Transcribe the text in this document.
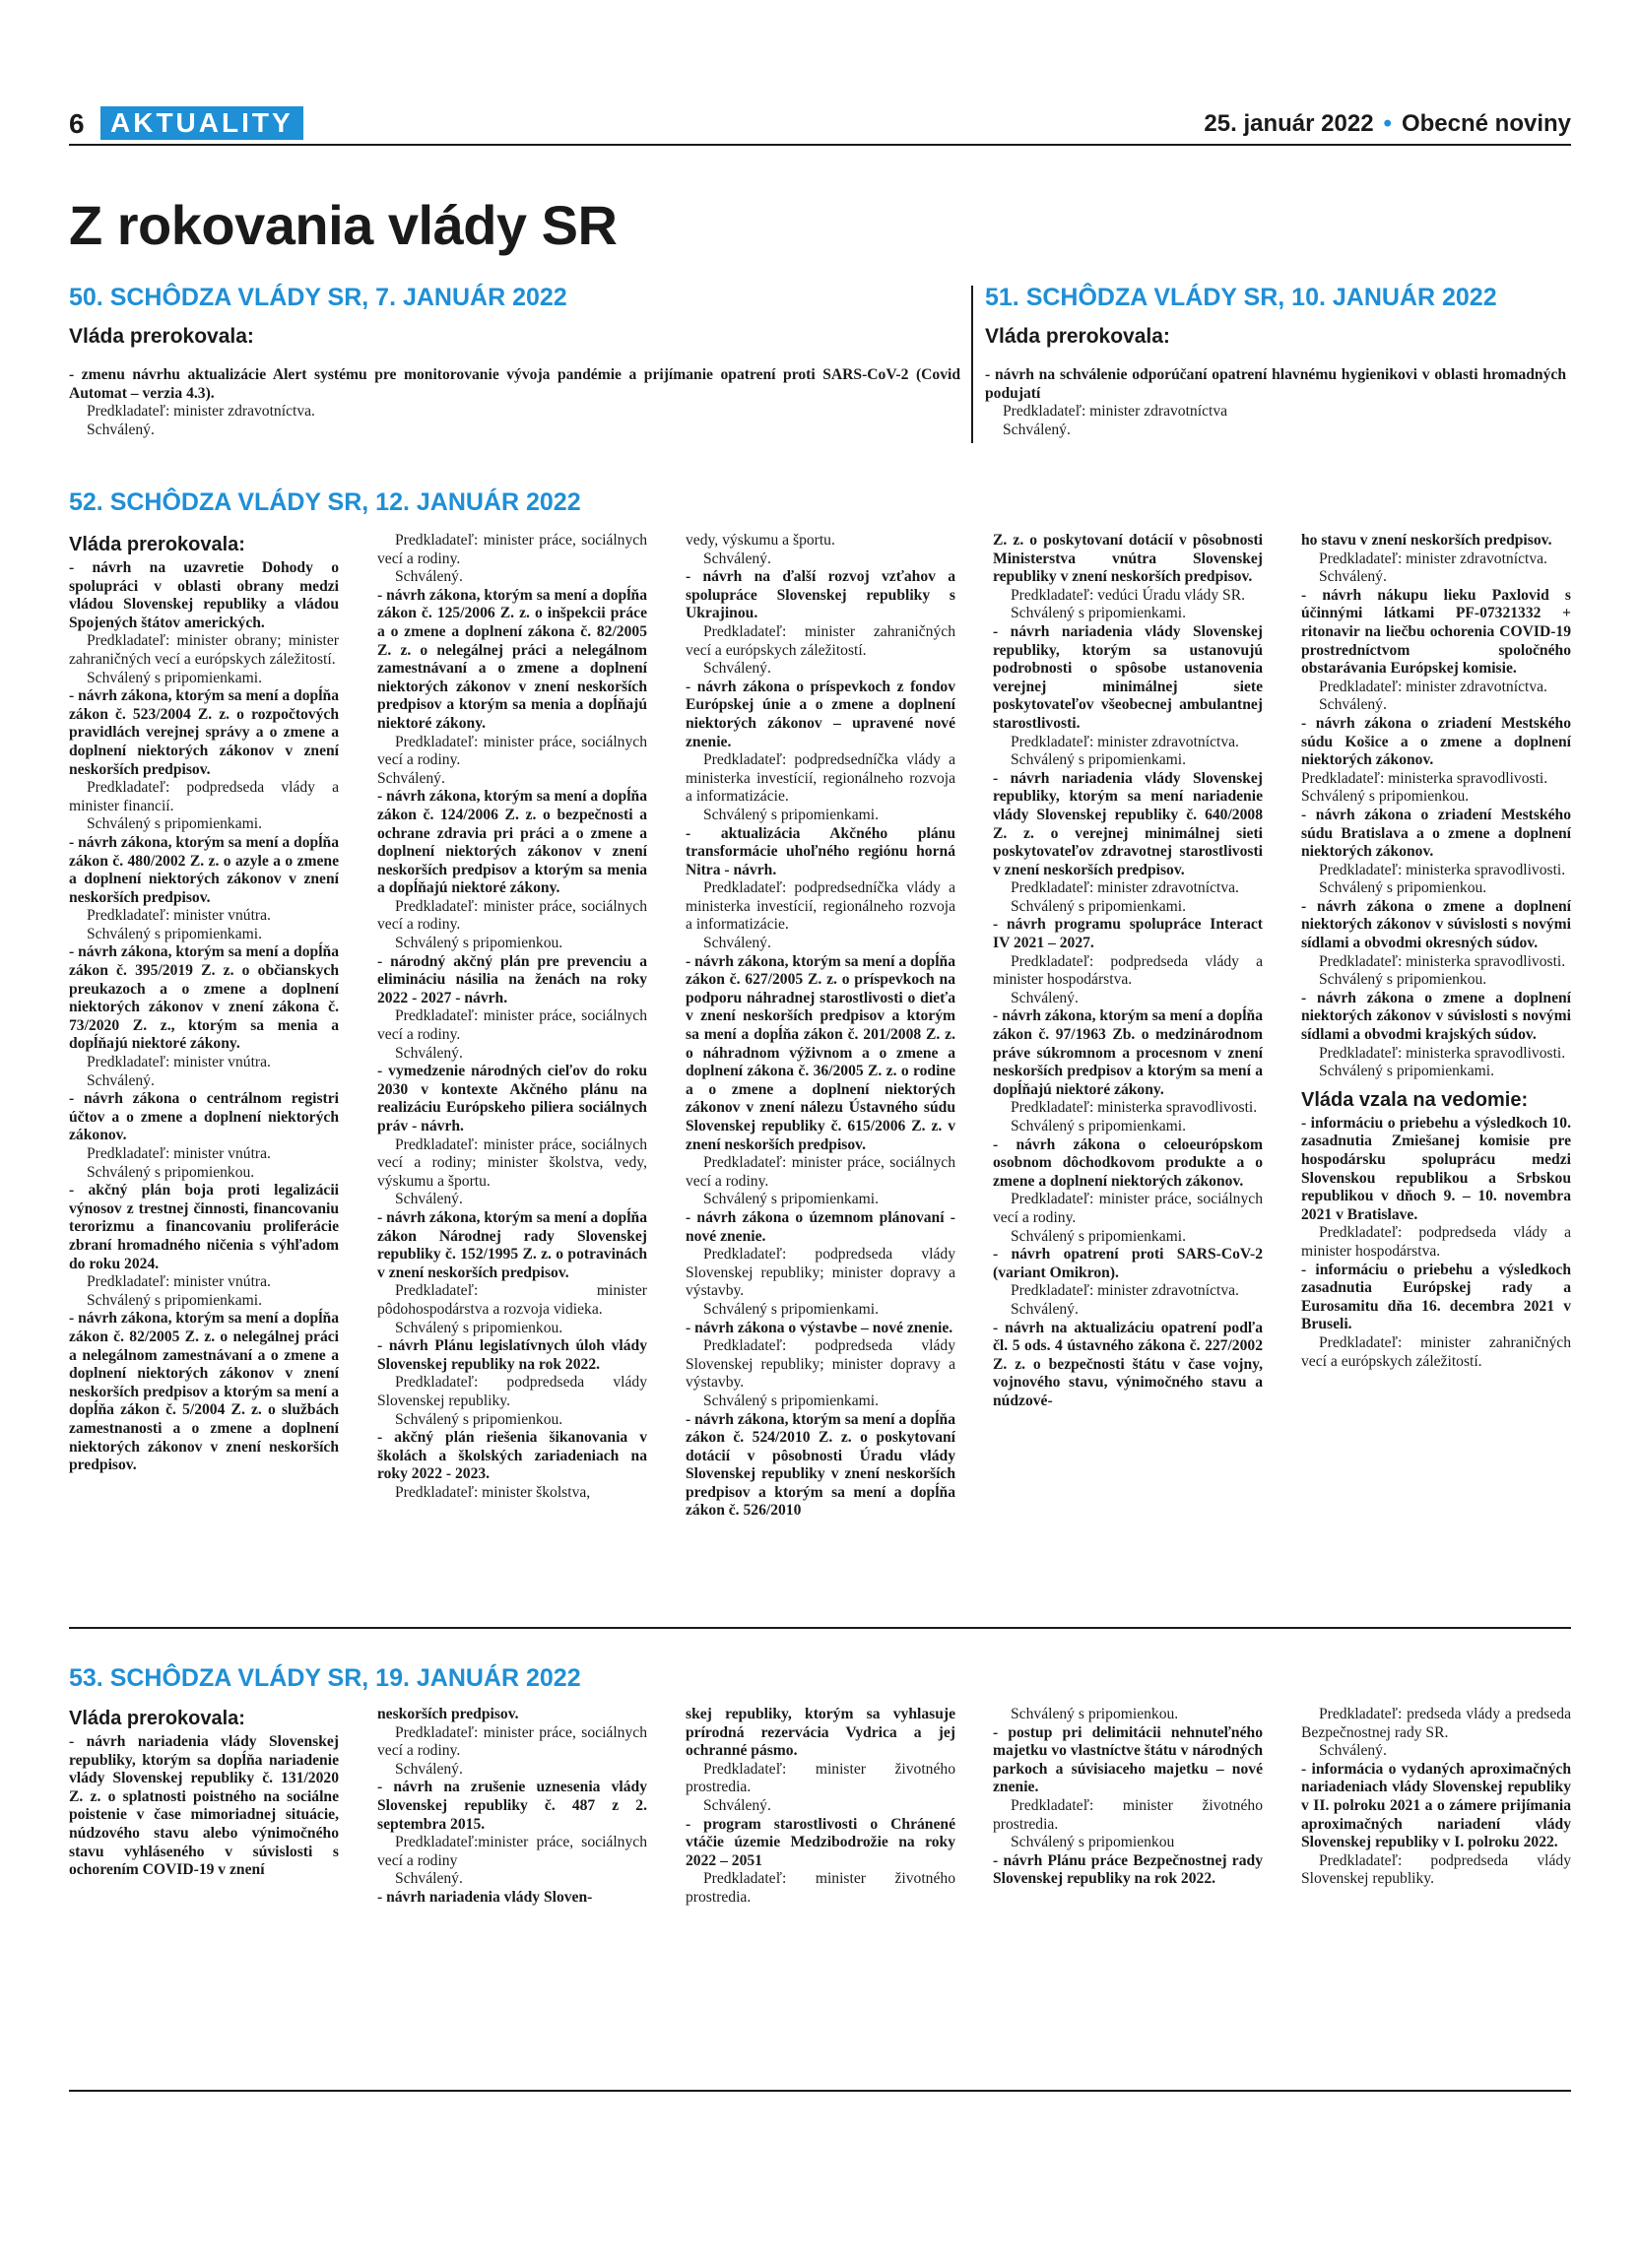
6 AKTUALITY	25. január 2022 • Obecné noviny
Z rokovania vlády SR
50. SCHÔDZA VLÁDY SR, 7. JANUÁR 2022
Vláda prerokovala:

- zmenu návrhu aktualizácie Alert systému pre monitorovanie vývoja pandémie a prijímanie opatrení proti SARS-CoV-2 (Covid Automat – verzia 4.3).

Predkladateľ: minister zdravotníctva.

Schválený.

51. SCHÔDZA VLÁDY SR, 10. JANUÁR 2022
Vláda prerokovala:

- návrh na schválenie odporúčaní opatrení hlavnému hygienikovi v oblasti hromadných podujatí

Predkladateľ: minister zdravotníctva

Schválený.

52. SCHÔDZA VLÁDY SR, 12. JANUÁR 2022

Vláda prerokovala:

- návrh na uzavretie Dohody o spolupráci v oblasti obrany medzi vládou Slovenskej republiky a vládou Spojených štátov amerických.

Predkladateľ: minister obrany; minister zahraničných vecí a európskych záležitostí.

Schválený s pripomienkami.

- návrh zákona, ktorým sa mení a dopĺňa zákon č. 523/2004 Z. z. o rozpočtových pravidlách verejnej správy a o zmene a doplnení niektorých zákonov v znení neskorších predpisov.

Predkladateľ: podpredseda vlády a minister financií.

Schválený s pripomienkami.

- návrh zákona, ktorým sa mení a dopĺňa zákon č. 480/2002 Z. z. o azyle a o zmene a doplnení niektorých zákonov v znení neskorších predpisov.

Predkladateľ: minister vnútra.

Schválený s pripomienkami.

- návrh zákona, ktorým sa mení a dopĺňa zákon č. 395/2019 Z. z. o občianskych preukazoch a o zmene a doplnení niektorých zákonov v znení zákona č. 73/2020 Z. z., ktorým sa menia a dopĺňajú niektoré zákony.

Predkladateľ: minister vnútra.

Schválený.

- návrh zákona o centrálnom registri účtov a o zmene a doplnení niektorých zákonov.

Predkladateľ: minister vnútra.

Schválený s pripomienkou.

- akčný plán boja proti legalizácii výnosov z trestnej činnosti, financovaniu terorizmu a financovaniu proliferácie zbraní hromadného ničenia s výhľadom do roku 2024.

Predkladateľ: minister vnútra.

Schválený s pripomienkami.

- návrh zákona, ktorým sa mení a dopĺňa zákon č. 82/2005 Z. z. o nelegálnej práci a nelegálnom zamestnávaní a o zmene a doplnení niektorých zákonov v znení neskorších predpisov a ktorým sa mení a dopĺňa zákon č. 5/2004 Z. z. o službách zamestnanosti a o zmene a doplnení niektorých zákonov v znení neskorších predpisov.

Predkladateľ: minister práce, sociálnych vecí a rodiny.

Schválený.

- návrh zákona, ktorým sa mení a dopĺňa zákon č. 125/2006 Z. z. o inšpekcii práce a o zmene a doplnení zákona č. 82/2005 Z. z. o nelegálnej práci a nelegálnom zamestnávaní a o zmene a doplnení niektorých zákonov v znení neskorších predpisov a ktorým sa menia a dopĺňajú niektoré zákony.

Predkladateľ: minister práce, sociálnych vecí a rodiny.

Schválený.

- návrh zákona, ktorým sa mení a dopĺňa zákon č. 124/2006 Z. z. o bezpečnosti a ochrane zdravia pri práci a o zmene a doplnení niektorých zákonov v znení neskorších predpisov a ktorým sa menia a dopĺňajú niektoré zákony.

Predkladateľ: minister práce, sociálnych vecí a rodiny.

Schválený s pripomienkou.

- národný akčný plán pre prevenciu a elimináciu násilia na ženách na roky 2022 - 2027 - návrh.

Predkladateľ: minister práce, sociálnych vecí a rodiny.

Schválený.

- vymedzenie národných cieľov do roku 2030 v kontexte Akčného plánu na realizáciu Európskeho piliera sociálnych práv - návrh.

Predkladateľ: minister práce, sociálnych vecí a rodiny; minister školstva, vedy, výskumu a športu.

Schválený.

- návrh zákona, ktorým sa mení a dopĺňa zákon Národnej rady Slovenskej republiky č. 152/1995 Z. z. o potravinách v znení neskorších predpisov.

Predkladateľ: minister pôdohospodárstva a rozvoja vidieka.

Schválený s pripomienkou.

- návrh Plánu legislatívnych úloh vlády Slovenskej republiky na rok 2022.

Predkladateľ: podpredseda vlády Slovenskej republiky.

Schválený s pripomienkou.

- akčný plán riešenia šikanovania v školách a školských zariadeniach na roky 2022 - 2023.

Predkladateľ: minister školstva,

vedy, výskumu a športu.

Schválený.

- návrh na ďalší rozvoj vzťahov a spolupráce Slovenskej republiky s Ukrajinou.

Predkladateľ: minister zahraničných vecí a európskych záležitostí.

Schválený.

- návrh zákona o príspevkoch z fondov Európskej únie a o zmene a doplnení niektorých zákonov – upravené nové znenie.

Predkladateľ: podpredsedníčka vlády a ministerka investícií, regionálneho rozvoja a informatizácie.

Schválený s pripomienkami.

- aktualizácia Akčného plánu transformácie uhoľného regiónu horná Nitra - návrh.

Predkladateľ: podpredsedníčka vlády a ministerka investícií, regionálneho rozvoja a informatizácie.

Schválený.

- návrh zákona, ktorým sa mení a dopĺňa zákon č. 627/2005 Z. z. o príspevkoch na podporu náhradnej starostlivosti o dieťa v znení neskorších predpisov a ktorým sa mení a dopĺňa zákon č. 201/2008 Z. z. o náhradnom výživnom a o zmene a doplnení zákona č. 36/2005 Z. z. o rodine a o zmene a doplnení niektorých zákonov v znení nálezu Ústavného súdu Slovenskej republiky č. 615/2006 Z. z. v znení neskorších predpisov.

Predkladateľ: minister práce, sociálnych vecí a rodiny.

Schválený s pripomienkami.

- návrh zákona o územnom plánovaní - nové znenie.

Predkladateľ: podpredseda vlády Slovenskej republiky; minister dopravy a výstavby.

Schválený s pripomienkami.

- návrh zákona o výstavbe – nové znenie.

Predkladateľ: podpredseda vlády Slovenskej republiky; minister dopravy a výstavby.

Schválený s pripomienkami.

- návrh zákona, ktorým sa mení a dopĺňa zákon č. 524/2010 Z. z. o poskytovaní dotácií v pôsobnosti Úradu vlády Slovenskej republiky v znení neskorších predpisov a ktorým sa mení a dopĺňa zákon č. 526/2010

Z. z. o poskytovaní dotácií v pôsobnosti Ministerstva vnútra Slovenskej republiky v znení neskorších predpisov.

Predkladateľ: vedúci Úradu vlády SR.

Schválený s pripomienkami.

- návrh nariadenia vlády Slovenskej republiky, ktorým sa ustanovujú podrobnosti o spôsobe ustanovenia verejnej minimálnej siete poskytovateľov všeobecnej ambulantnej starostlivosti.

Predkladateľ: minister zdravotníctva.

Schválený s pripomienkami.

- návrh nariadenia vlády Slovenskej republiky, ktorým sa mení nariadenie vlády Slovenskej republiky č. 640/2008 Z. z. o verejnej minimálnej sieti poskytovateľov zdravotnej starostlivosti v znení neskorších predpisov.

Predkladateľ: minister zdravotníctva.

Schválený s pripomienkami.

- návrh programu spolupráce Interact IV 2021 – 2027.

Predkladateľ: podpredseda vlády a minister hospodárstva.

Schválený.

- návrh zákona, ktorým sa mení a dopĺňa zákon č. 97/1963 Zb. o medzinárodnom práve súkromnom a procesnom v znení neskorších predpisov a ktorým sa mení a dopĺňajú niektoré zákony.

Predkladateľ: ministerka spravodlivosti.

Schválený s pripomienkami.

- návrh zákona o celoeurópskom osobnom dôchodkovom produkte a o zmene a doplnení niektorých zákonov.

Predkladateľ: minister práce, sociálnych vecí a rodiny.

Schválený s pripomienkami.

- návrh opatrení proti SARS-CoV-2 (variant Omikron).

Predkladateľ: minister zdravotníctva.

Schválený.

- návrh na aktualizáciu opatrení podľa čl. 5 ods. 4 ústavného zákona č. 227/2002 Z. z. o bezpečnosti štátu v čase vojny, vojnového stavu, výnimočného stavu a núdzové-

ho stavu v znení neskorších predpisov.

Predkladateľ: minister zdravotníctva.

Schválený.

- návrh nákupu lieku Paxlovid s účinnými látkami PF-07321332 + ritonavir na liečbu ochorenia COVID-19 prostredníctvom spoločného obstarávania Európskej komisie.

Predkladateľ: minister zdravotníctva.

Schválený.

- návrh zákona o zriadení Mestského súdu Košice a o zmene a doplnení niektorých zákonov.

Predkladateľ: ministerka spravodlivosti.

Schválený s pripomienkou.

- návrh zákona o zriadení Mestského súdu Bratislava a o zmene a doplnení niektorých zákonov.

Predkladateľ: ministerka spravodlivosti.

Schválený s pripomienkou.

- návrh zákona o zmene a doplnení niektorých zákonov v súvislosti s novými sídlami a obvodmi okresných súdov.

Predkladateľ: ministerka spravodlivosti.

Schválený s pripomienkou.

- návrh zákona o zmene a doplnení niektorých zákonov v súvislosti s novými sídlami a obvodmi krajských súdov.

Predkladateľ: ministerka spravodlivosti.

Schválený s pripomienkami.

Vláda vzala na vedomie:

- informáciu o priebehu a výsledkoch 10. zasadnutia Zmiešanej komisie pre hospodársku spoluprácu medzi Slovenskou republikou a Srbskou republikou v dňoch 9. – 10. novembra 2021 v Bratislave.

Predkladateľ: podpredseda vlády a minister hospodárstva.

- informáciu o priebehu a výsledkoch zasadnutia Európskej rady a Eurosamitu dňa 16. decembra 2021 v Bruseli.

Predkladateľ: minister zahraničných vecí a európskych záležitostí.

53. SCHÔDZA VLÁDY SR, 19. JANUÁR 2022

Vláda prerokovala:

- návrh nariadenia vlády Slovenskej republiky, ktorým sa dopĺňa nariadenie vlády Slovenskej republiky č. 131/2020 Z. z. o splatnosti poistného na sociálne poistenie v čase mimoriadnej situácie, núdzového stavu alebo výnimočného stavu vyhláseného v súvislosti s ochorením COVID-19 v znení

neskorších predpisov.

Predkladateľ: minister práce, sociálnych vecí a rodiny.

Schválený.

- návrh na zrušenie uznesenia vlády Slovenskej republiky č. 487 z 2. septembra 2015.

Predkladateľ:minister práce, sociálnych vecí a rodiny

Schválený.

- návrh nariadenia vlády Sloven-

skej republiky, ktorým sa vyhlasuje prírodná rezervácia Vydrica a jej ochranné pásmo.

Predkladateľ: minister životného prostredia.

Schválený.

- program starostlivosti o Chránené vtáčie územie Medzibodrožie na roky 2022 – 2051

Predkladateľ: minister životného prostredia.

Schválený s pripomienkou.

- postup pri delimitácii nehnuteľného majetku vo vlastníctve štátu v národných parkoch a súvisiaceho majetku – nové znenie.

Predkladateľ: minister životného prostredia.

Schválený s pripomienkou

- návrh Plánu práce Bezpečnostnej rady Slovenskej republiky na rok 2022.

Predkladateľ: predseda vlády a predseda Bezpečnostnej rady SR.

Schválený.

- informácia o vydaných aproximačných nariadeniach vlády Slovenskej republiky v II. polroku 2021 a o zámere prijímania aproximačných nariadení vlády Slovenskej republiky v I. polroku 2022.

Predkladateľ: podpredseda vlády Slovenskej republiky.
